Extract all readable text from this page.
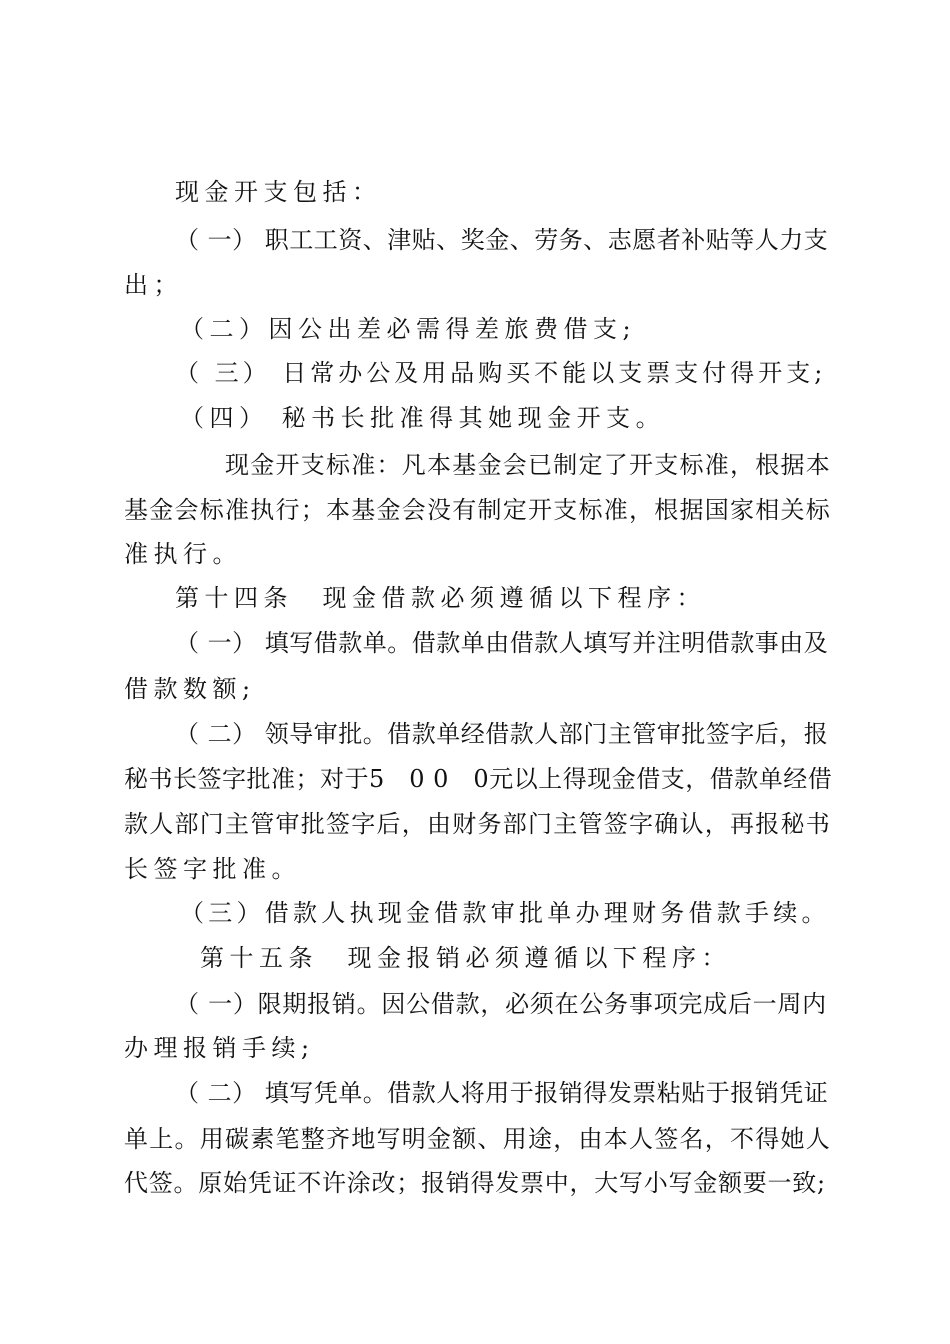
现金开支包括：
（ 一） 职工工资、津贴、奖金、劳务、志愿者补贴等人力支
出；
（二）因公出差必需得差旅费借支;
（ 三） 日常办公及用品购买不能以支票支付得开支;
（四） 秘书长批准得其她现金开支。
现金开支标准：凡本基金会已制定了开支标准，根据本
基金会标准执行；本基金会没有制定开支标准，根据国家相关标
准执行。
第十四条　现金借款必须遵循以下程序：
（ 一） 填写借款单。借款单由借款人填写并注明借款事由及
借款数额;
（ 二） 领导审批。借款单经借款人部门主管审批签字后，报
秘书长签字批准；对于5　0 0　0元以上得现金借支，借款单经借
款人部门主管审批签字后，由财务部门主管签字确认，再报秘书
长签字批准。
（三）借款人执现金借款审批单办理财务借款手续。
第十五条　现金报销必须遵循以下程序：
（ 一）限期报销。因公借款，必须在公务事项完成后一周内
办理报销手续;
（ 二） 填写凭单。借款人将用于报销得发票粘贴于报销凭证
单上。用碳素笔整齐地写明金额、用途，由本人签名，不得她人
代签。原始凭证不许涂改；报销得发票中，大写小写金额要一致;
